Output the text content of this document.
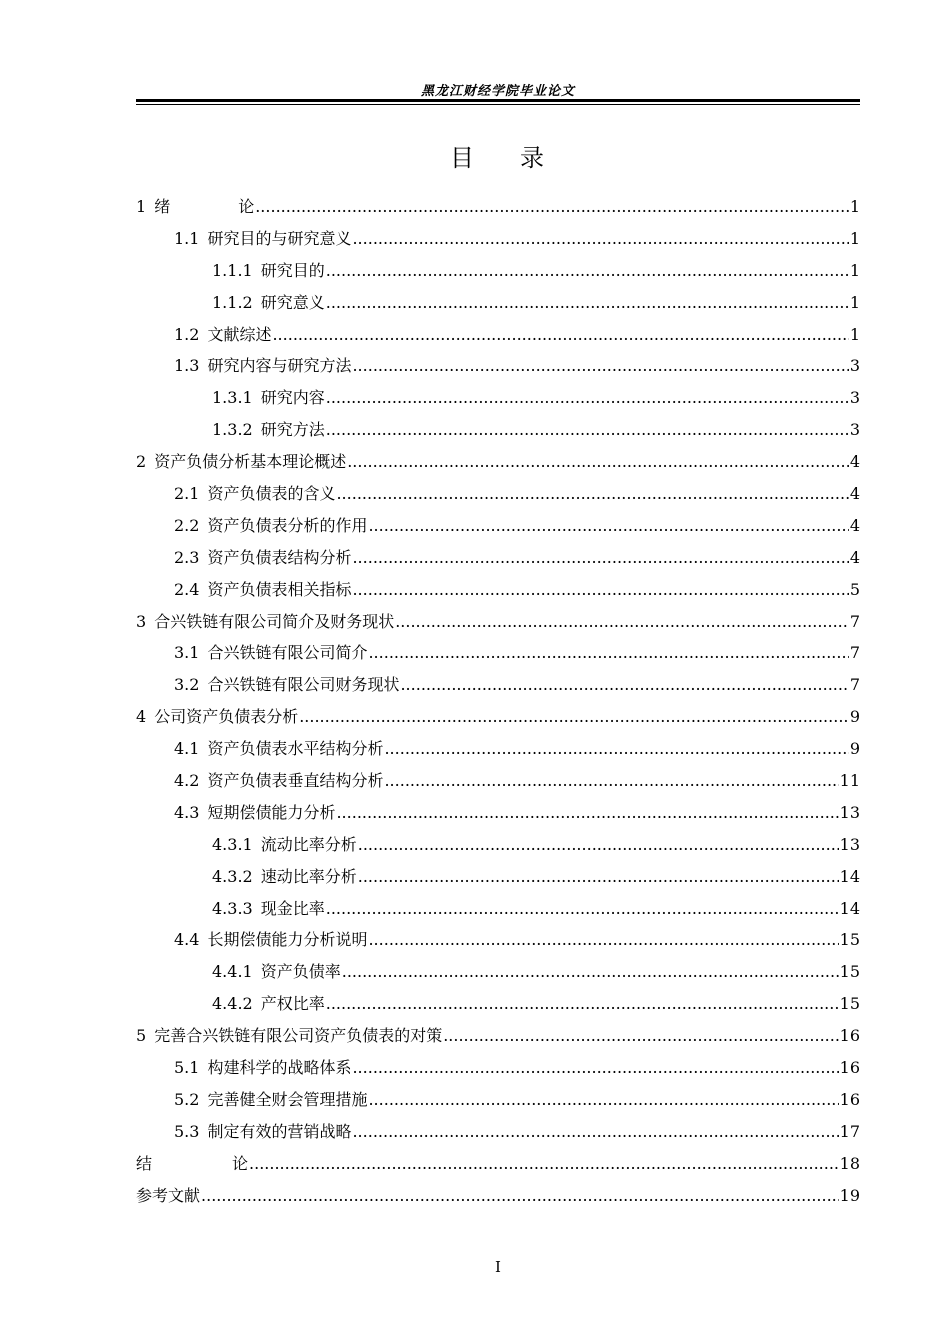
黑龙江财经学院毕业论文
目 录
1 绪	论 .....	1
1.1 研究目的与研究意义 .....	1
1.1.1 研究目的 .....	1
1.1.2 研究意义 .....	1
1.2 文献综述 .....	1
1.3 研究内容与研究方法 .....	3
1.3.1 研究内容 .....	3
1.3.2 研究方法 .....	3
2 资产负债分析基本理论概述 .....	4
2.1 资产负债表的含义 .....	4
2.2 资产负债表分析的作用 .....	4
2.3 资产负债表结构分析 .....	4
2.4 资产负债表相关指标 .....	5
3 合兴铁链有限公司简介及财务现状 .....	7
3.1 合兴铁链有限公司简介 .....	7
3.2 合兴铁链有限公司财务现状 .....	7
4 公司资产负债表分析 .....	9
4.1 资产负债表水平结构分析 .....	9
4.2 资产负债表垂直结构分析 .....	11
4.3 短期偿债能力分析 .....	13
4.3.1 流动比率分析 .....	13
4.3.2 速动比率分析 .....	14
4.3.3 现金比率 .....	14
4.4 长期偿债能力分析说明 .....	15
4.4.1 资产负债率 .....	15
4.4.2 产权比率 .....	15
5 完善合兴铁链有限公司资产负债表的对策 .....	16
5.1 构建科学的战略体系 .....	16
5.2 完善健全财会管理措施 .....	16
5.3 制定有效的营销战略 .....	17
结	论 .....	18
参考文献 .....	19
I
